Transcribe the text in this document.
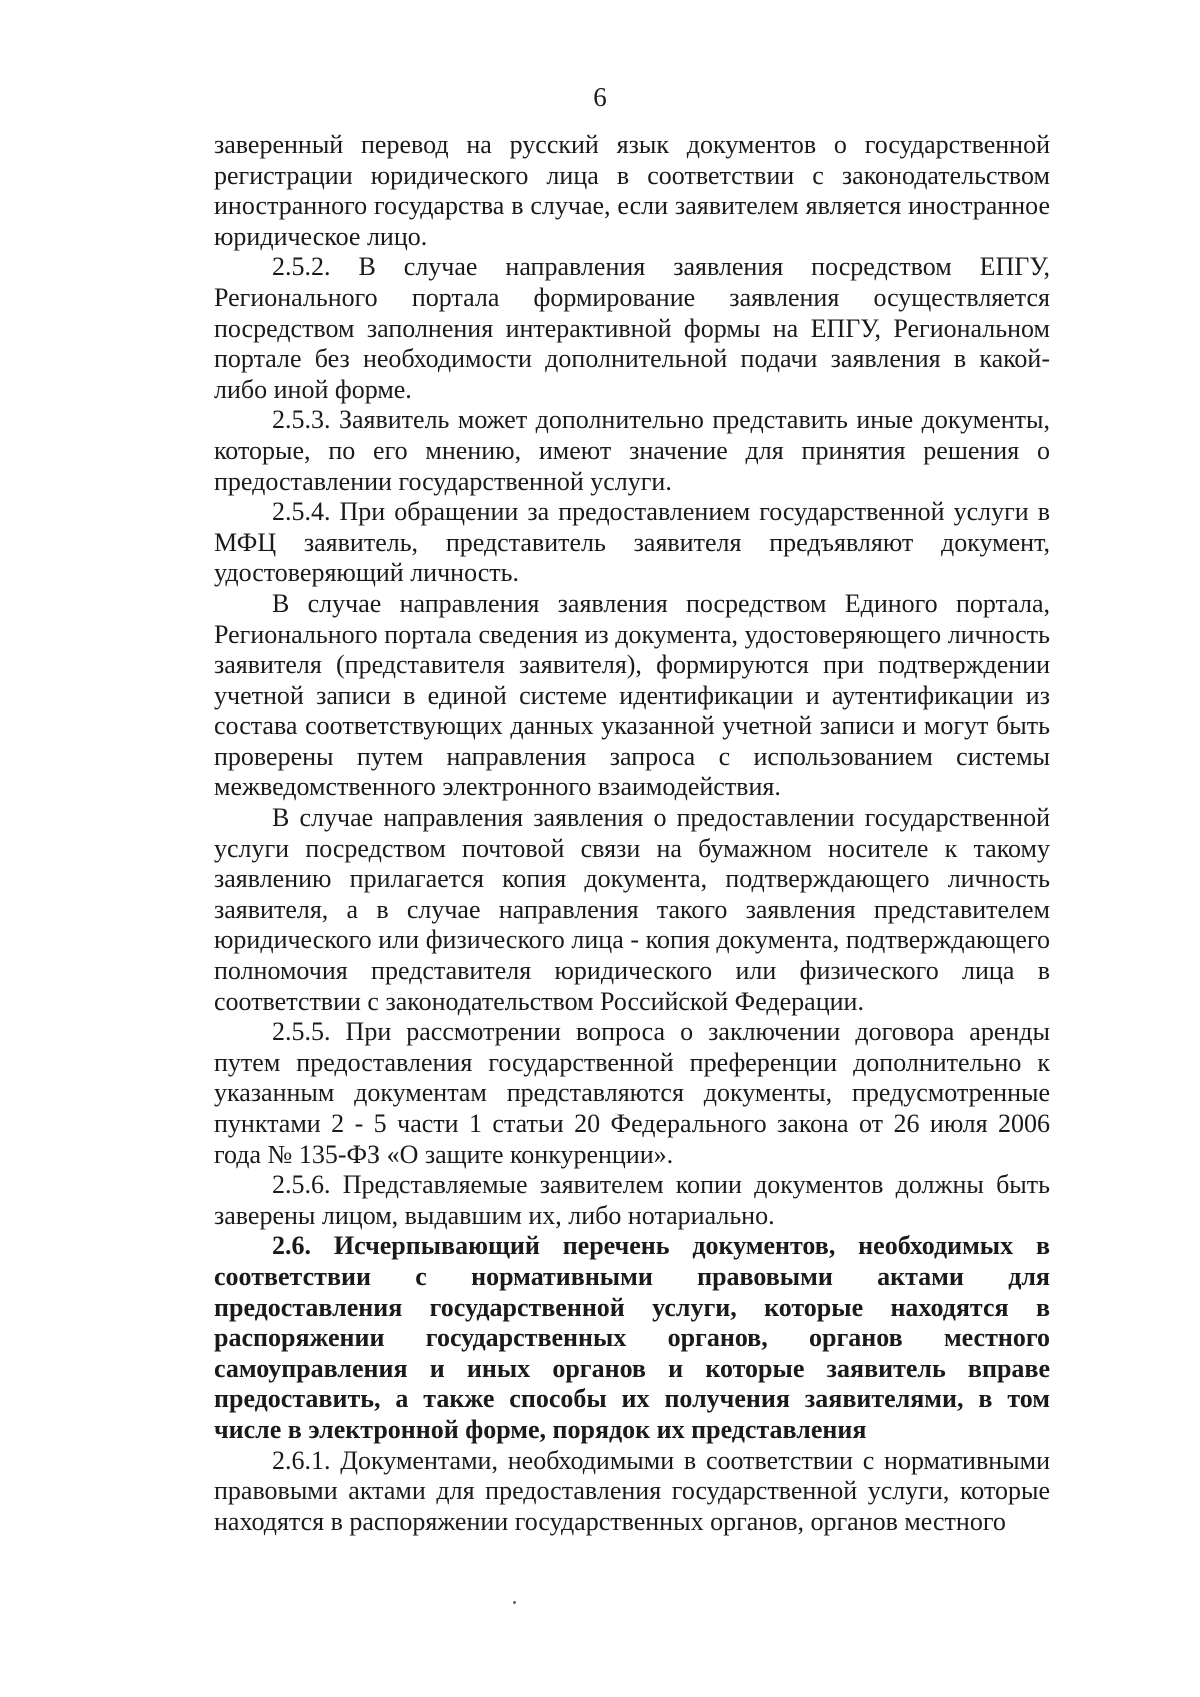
6

заверенный перевод на русский язык документов о государственной регистрации юридического лица в соответствии с законодательством иностранного государства в случае, если заявителем является иностранное юридическое лицо.

2.5.2. В случае направления заявления посредством ЕПГУ, Регионального портала формирование заявления осуществляется посредством заполнения интерактивной формы на ЕПГУ, Региональном портале без необходимости дополнительной подачи заявления в какой-либо иной форме.

2.5.3. Заявитель может дополнительно представить иные документы, которые, по его мнению, имеют значение для принятия решения о предоставлении государственной услуги.

2.5.4. При обращении за предоставлением государственной услуги в МФЦ заявитель, представитель заявителя предъявляют документ, удостоверяющий личность.

В случае направления заявления посредством Единого портала, Регионального портала сведения из документа, удостоверяющего личность заявителя (представителя заявителя), формируются при подтверждении учетной записи в единой системе идентификации и аутентификации из состава соответствующих данных указанной учетной записи и могут быть проверены путем направления запроса с использованием системы межведомственного электронного взаимодействия.

В случае направления заявления о предоставлении государственной услуги посредством почтовой связи на бумажном носителе к такому заявлению прилагается копия документа, подтверждающего личность заявителя, а в случае направления такого заявления представителем юридического или физического лица - копия документа, подтверждающего полномочия представителя юридического или физического лица в соответствии с законодательством Российской Федерации.

2.5.5. При рассмотрении вопроса о заключении договора аренды путем предоставления государственной преференции дополнительно к указанным документам представляются документы, предусмотренные пунктами 2 - 5 части 1 статьи 20 Федерального закона от 26 июля 2006 года № 135-ФЗ «О защите конкуренции».

2.5.6. Представляемые заявителем копии документов должны быть заверены лицом, выдавшим их, либо нотариально.

2.6. Исчерпывающий перечень документов, необходимых в соответствии с нормативными правовыми актами для предоставления государственной услуги, которые находятся в распоряжении государственных органов, органов местного самоуправления и иных органов и которые заявитель вправе предоставить, а также способы их получения заявителями, в том числе в электронной форме, порядок их представления

2.6.1. Документами, необходимыми в соответствии с нормативными правовыми актами для предоставления государственной услуги, которые находятся в распоряжении государственных органов, органов местного
